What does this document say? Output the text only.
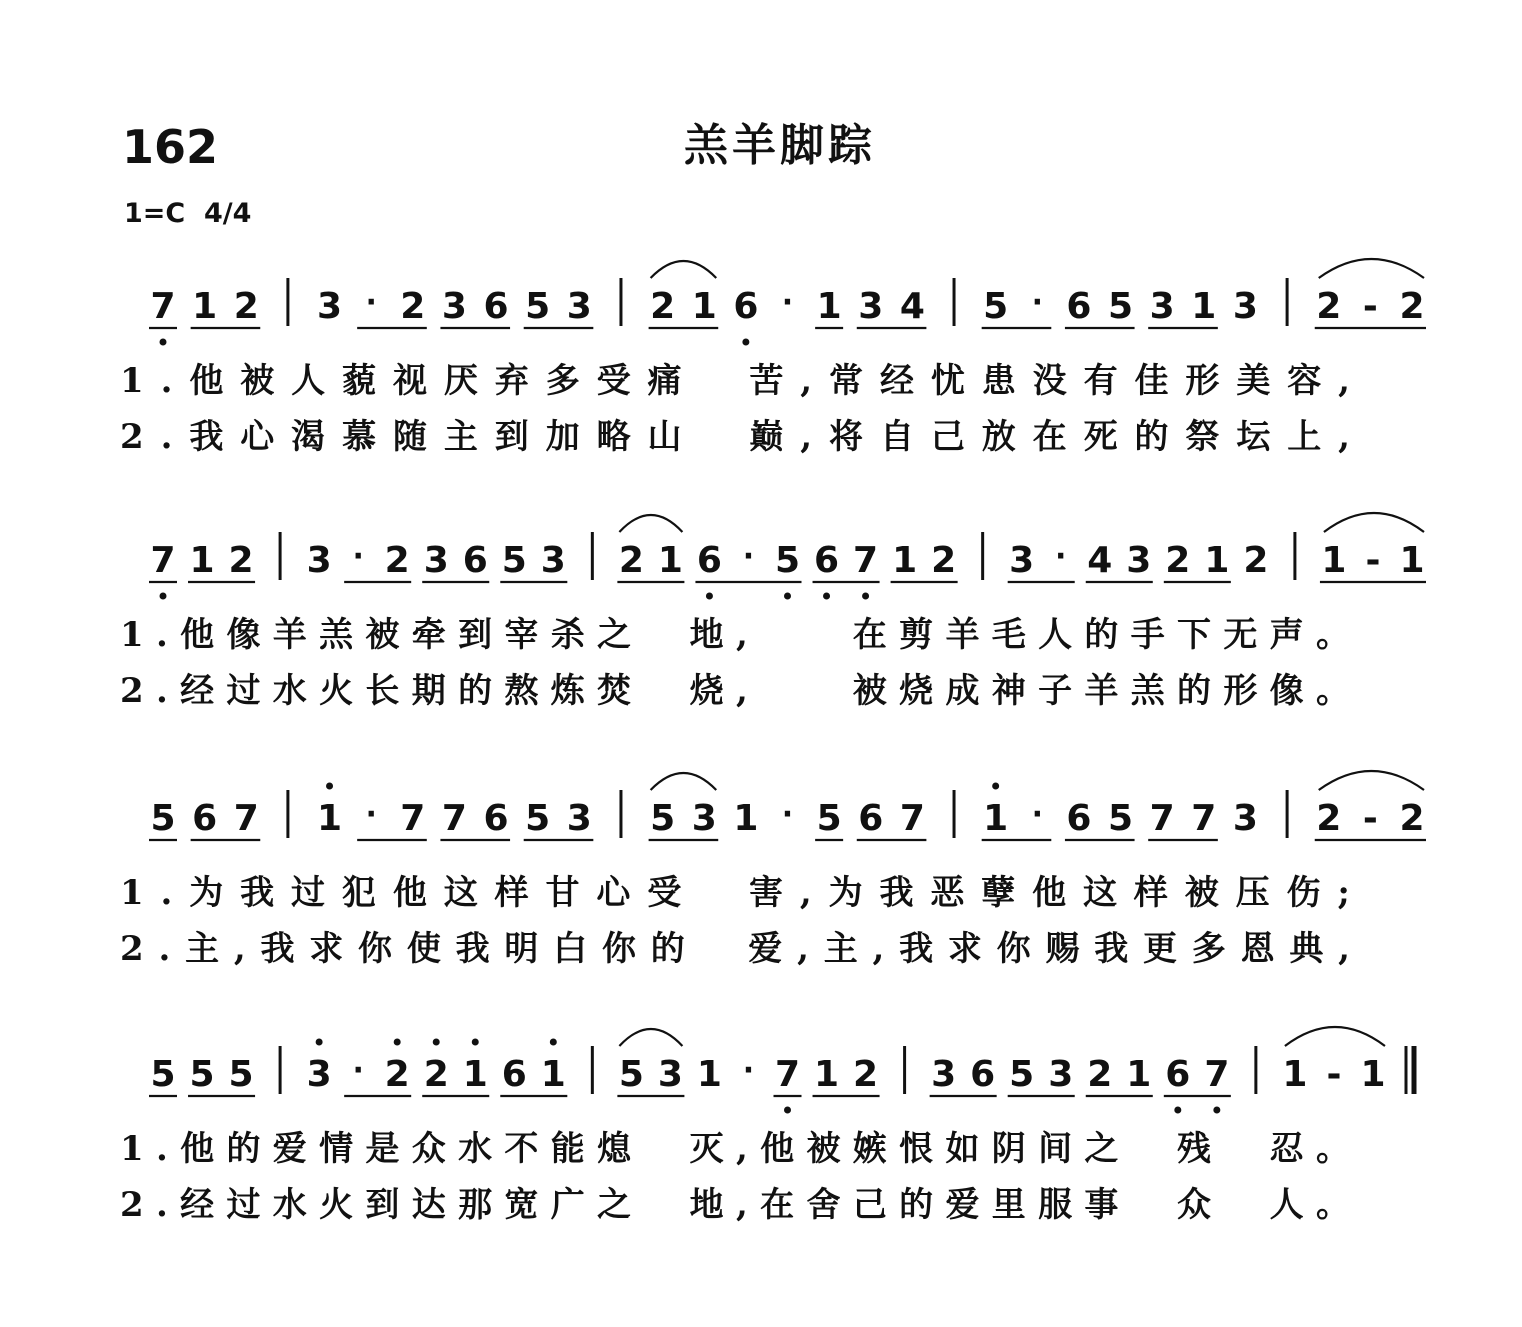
162	羔羊脚踪
1=C  4/4
7 1 2 3 · 2 3 6 5 3 2 1 6 · 1 3 4 5 · 6 5 3 1 3 2 - 2
1.他被人藐视厌弃多受痛　苦,常经忧患没有佳形美容,
2.我心渴慕随主到加略山　巅,将自己放在死的祭坛上,
7 1 2 3 · 2 3 6 5 3 2 1 6 · 5 6 7 1 2 3 · 4 3 2 1 2 1 - 1
1.他像羊羔被牵到宰杀之　地,　　在剪羊毛人的手下无声。
2.经过水火长期的熬炼焚　烧,　　被烧成神子羊羔的形像。
5 6 7 1 · 7 7 6 5 3 5 3 1 · 5 6 7 1 · 6 5 7 7 3 2 - 2
1.为我过犯他这样甘心受　害,为我恶孽他这样被压伤;
2.主,我求你使我明白你的　爱,主,我求你赐我更多恩典,
5 5 5 3 · 2 2 1 6 1 5 3 1 · 7 1 2 3 6 5 3 2 1 6 7 1 - 1
1.他的爱情是众水不能熄　灭,他被嫉恨如阴间之　残　忍。
2.经过水火到达那宽广之　地,在舍己的爱里服事　众　人。
